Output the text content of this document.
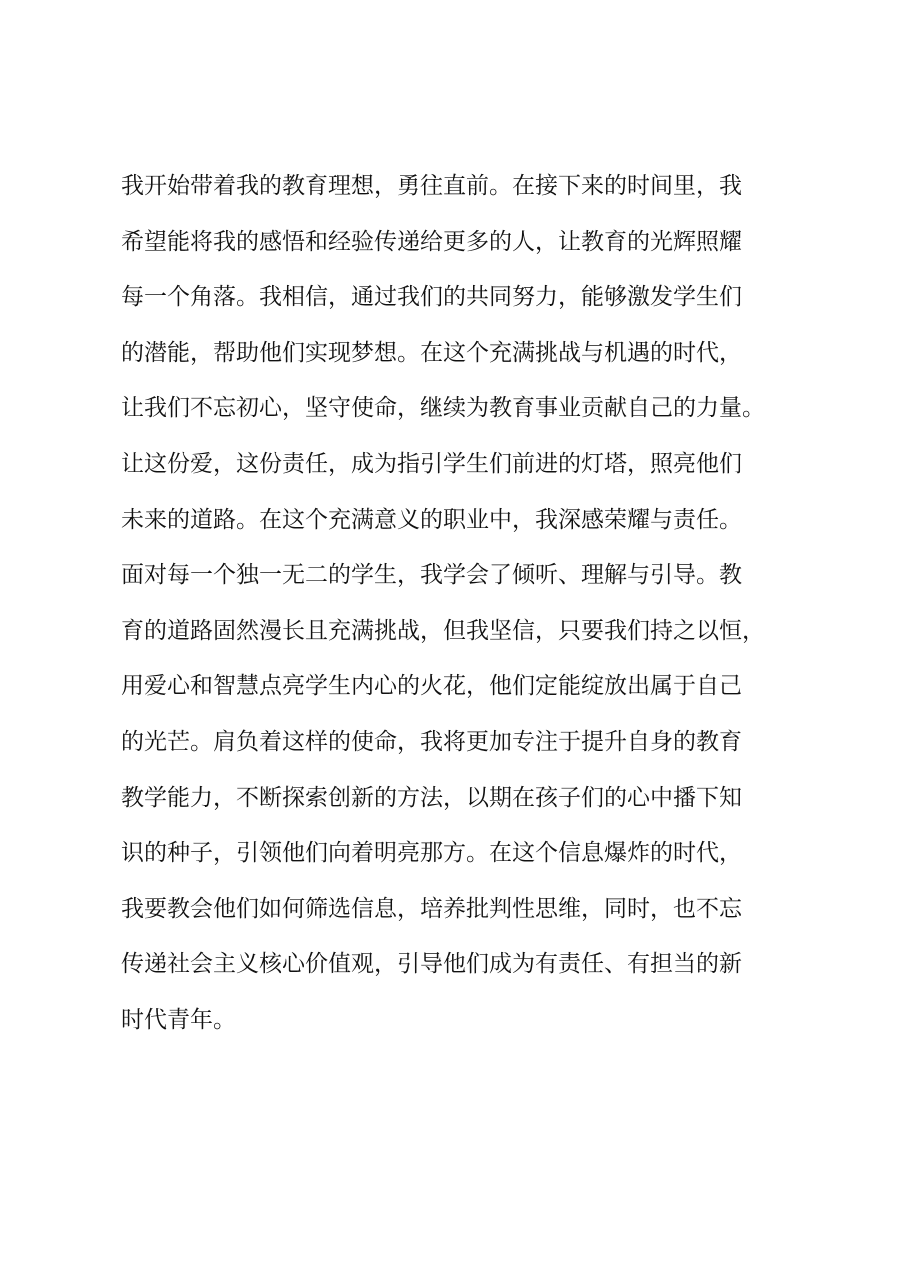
我开始带着我的教育理想，勇往直前。在接下来的时间里，我
希望能将我的感悟和经验传递给更多的人，让教育的光辉照耀
每一个角落。我相信，通过我们的共同努力，能够激发学生们
的潜能，帮助他们实现梦想。在这个充满挑战与机遇的时代，
让我们不忘初心，坚守使命，继续为教育事业贡献自己的力量。
让这份爱，这份责任，成为指引学生们前进的灯塔，照亮他们
未来的道路。在这个充满意义的职业中，我深感荣耀与责任。
面对每一个独一无二的学生，我学会了倾听、理解与引导。教
育的道路固然漫长且充满挑战，但我坚信，只要我们持之以恒，
用爱心和智慧点亮学生内心的火花，他们定能绽放出属于自己
的光芒。肩负着这样的使命，我将更加专注于提升自身的教育
教学能力，不断探索创新的方法，以期在孩子们的心中播下知
识的种子，引领他们向着明亮那方。在这个信息爆炸的时代，
我要教会他们如何筛选信息，培养批判性思维，同时，也不忘
传递社会主义核心价值观，引导他们成为有责任、有担当的新
时代青年。
